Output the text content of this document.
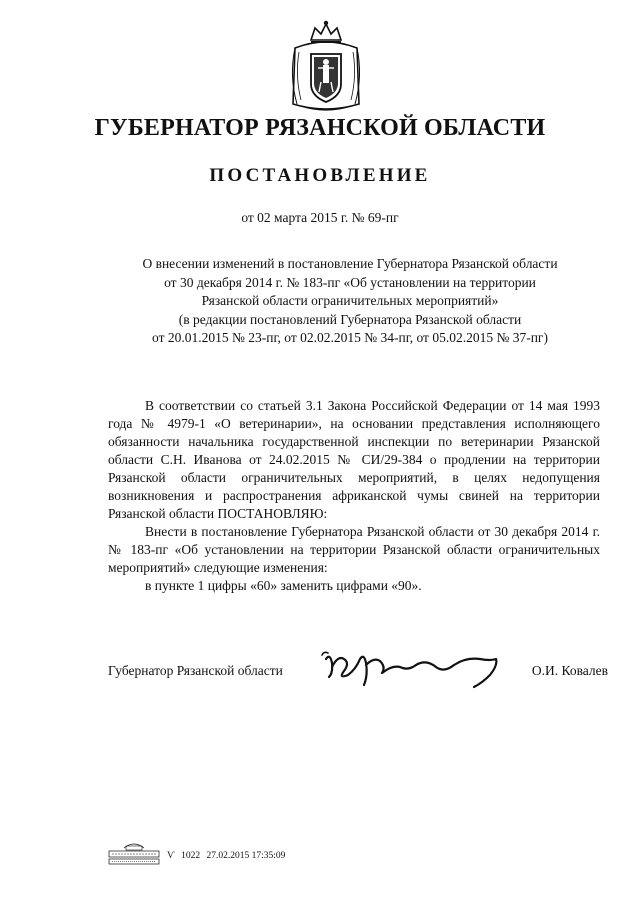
ГУБЕРНАТОР РЯЗАНСКОЙ ОБЛАСТИ
ПОСТАНОВЛЕНИЕ
от 02 марта 2015 г. № 69-пг
О внесении изменений в постановление Губернатора Рязанской области
от 30 декабря 2014 г. № 183-пг «Об установлении на территории
Рязанской области ограничительных мероприятий»
(в редакции постановлений Губернатора Рязанской области
от 20.01.2015 № 23-пг, от 02.02.2015 № 34-пг, от 05.02.2015 № 37-пг)

В соответствии со статьей 3.1 Закона Российской Федерации от 14 мая 1993 года № 4979-1 «О ветеринарии», на основании представления исполняющего обязанности начальника государственной инспекции по ветеринарии Рязанской области С.Н. Иванова от 24.02.2015 № СИ/29-384 о продлении на территории Рязанской области ограничительных мероприятий, в целях недопущения возникновения и распространения африканской чумы свиней на территории Рязанской области ПОСТАНОВЛЯЮ:

Внести в постановление Губернатора Рязанской области от 30 декабря 2014 г. № 183-пг «Об установлении на территории Рязанской области ограничительных мероприятий» следующие изменения:

в пункте 1 цифры «60» заменить цифрами «90».

Губернатор Рязанской области	О.И. Ковалев
Ѵ 1022 27.02.2015 17:35:09
